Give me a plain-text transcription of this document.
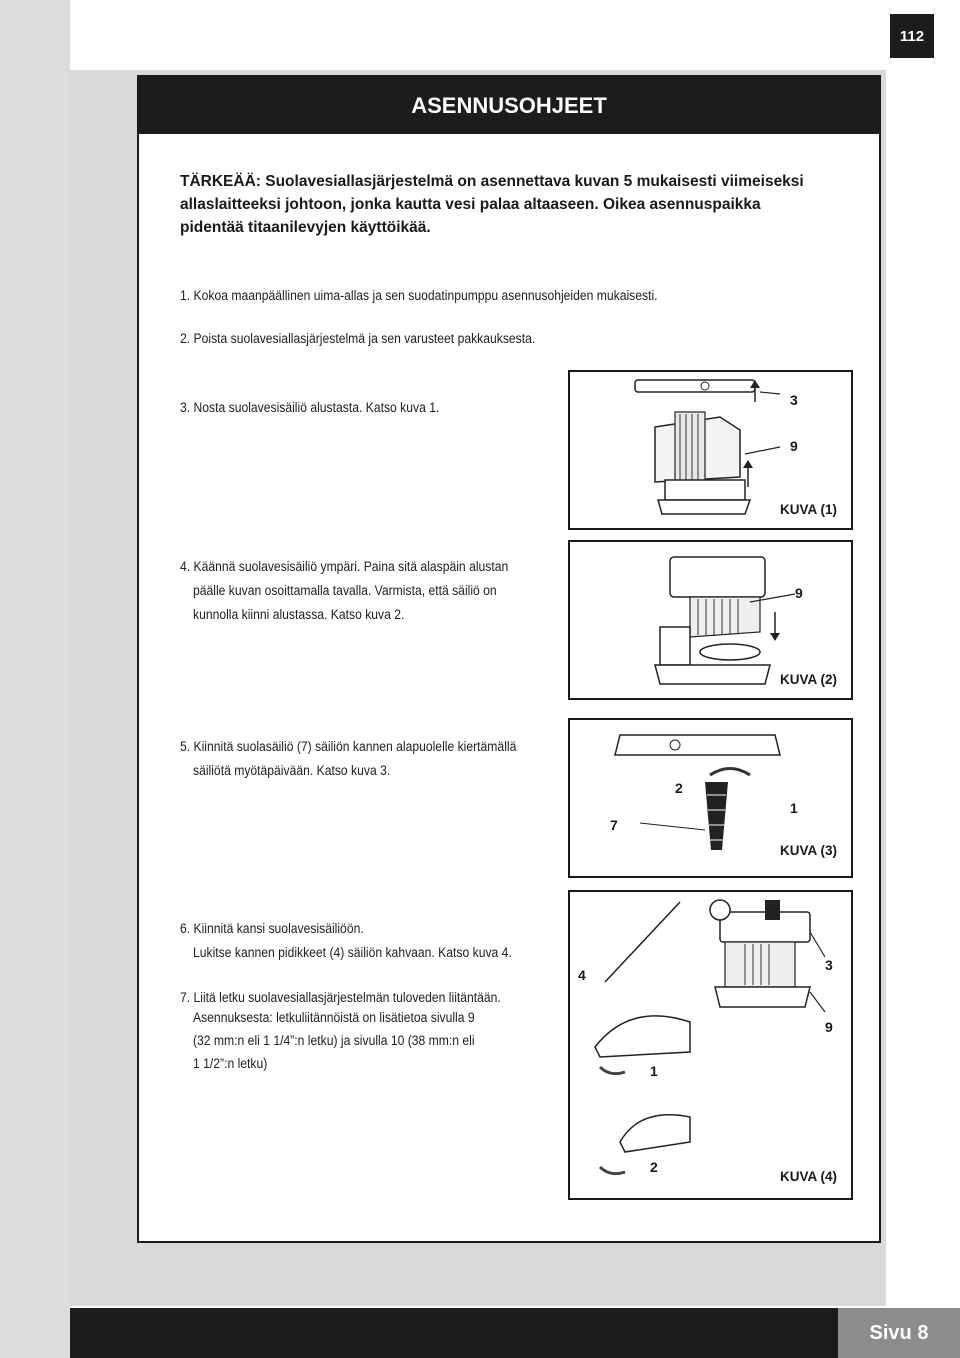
112
ASENNUSOHJEET
TÄRKEÄÄ: Suolavesiallasjärjestelmä on asennettava kuvan 5 mukaisesti viimeiseksi
allaslaitteeksi johtoon, jonka kautta vesi palaa altaaseen. Oikea asennuspaikka
pidentää titaanilevyjen käyttöikää.
1. Kokoa maanpäällinen uima-allas ja sen suodatinpumppu asennusohjeiden mukaisesti.
2. Poista suolavesiallasjärjestelmä ja sen varusteet pakkauksesta.
3. Nosta suolavesisäiliö alustasta. Katso kuva 1.
4. Käännä suolavesisäiliö ympäri. Paina sitä alaspäin alustan
päälle kuvan osoittamalla tavalla. Varmista, että säiliö on
kunnolla kiinni alustassa. Katso kuva 2.
5. Kiinnitä suolasäiliö (7) säiliön kannen alapuolelle kiertämällä
säiliötä myötäpäivään. Katso kuva 3.
6. Kiinnitä kansi suolavesisäiliöön.
Lukitse kannen pidikkeet (4) säiliön kahvaan. Katso kuva 4.
7. Liitä letku suolavesiallasjärjestelmän tuloveden liitäntään.
Asennuksesta: letkuliitännöistä on lisätietoa sivulla 9
(32 mm:n eli 1 1/4”:n letku) ja sivulla 10 (38 mm:n eli
1 1/2”:n letku)
3
9
KUVA (1)
9
KUVA (2)
2
1
7
KUVA (3)
4
3
9
1
2
KUVA (4)
Sivu 8
